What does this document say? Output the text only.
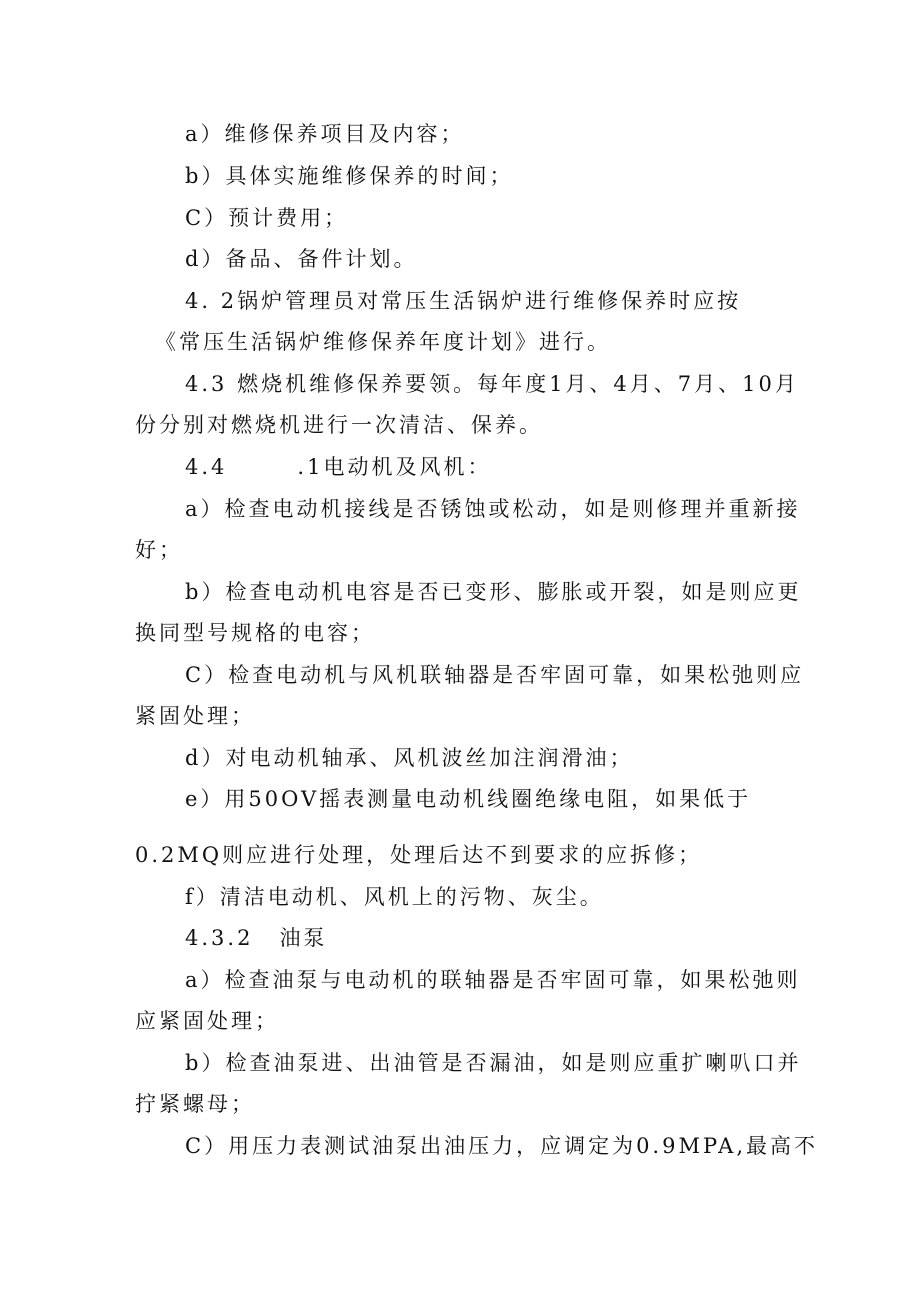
a）维修保养项目及内容；
b）具体实施维修保养的时间；
C）预计费用；
d）备品、备件计划。
4. 2锅炉管理员对常压生活锅炉进行维修保养时应按
《常压生活锅炉维修保养年度计划》进行。
4.3 燃烧机维修保养要领。每年度1月、4月、7月、10月
份分别对燃烧机进行一次清洁、保养。
4.4	.1电动机及风机：
a）检查电动机接线是否锈蚀或松动，如是则修理并重新接
好；
b）检查电动机电容是否已变形、膨胀或开裂，如是则应更
换同型号规格的电容；
C）检查电动机与风机联轴器是否牢固可靠，如果松弛则应
紧固处理；
d）对电动机轴承、风机波丝加注润滑油；
e）用50OV摇表测量电动机线圈绝缘电阻，如果低于
0.2MQ则应进行处理，处理后达不到要求的应拆修；
f）清洁电动机、风机上的污物、灰尘。
4.3.2 油泵
a）检查油泵与电动机的联轴器是否牢固可靠，如果松弛则
应紧固处理；
b）检查油泵进、出油管是否漏油，如是则应重扩喇叭口并
拧紧螺母；
C）用压力表测试油泵出油压力，应调定为0.9MPA,最高不
